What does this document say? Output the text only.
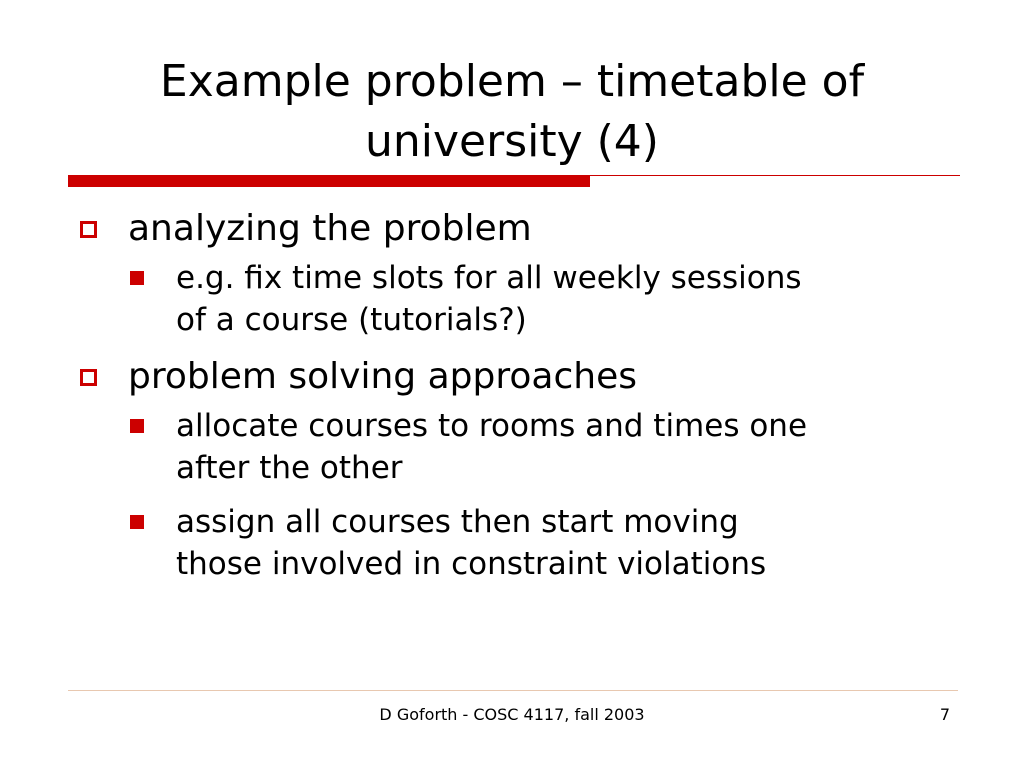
Example problem – timetable of
university (4)
analyzing the problem
e.g. fix time slots for all weekly sessions
of a course (tutorials?)
problem solving approaches
allocate courses to rooms and times one
after the other
assign all courses then start moving
those involved in constraint violations
D Goforth - COSC 4117, fall 2003	7
